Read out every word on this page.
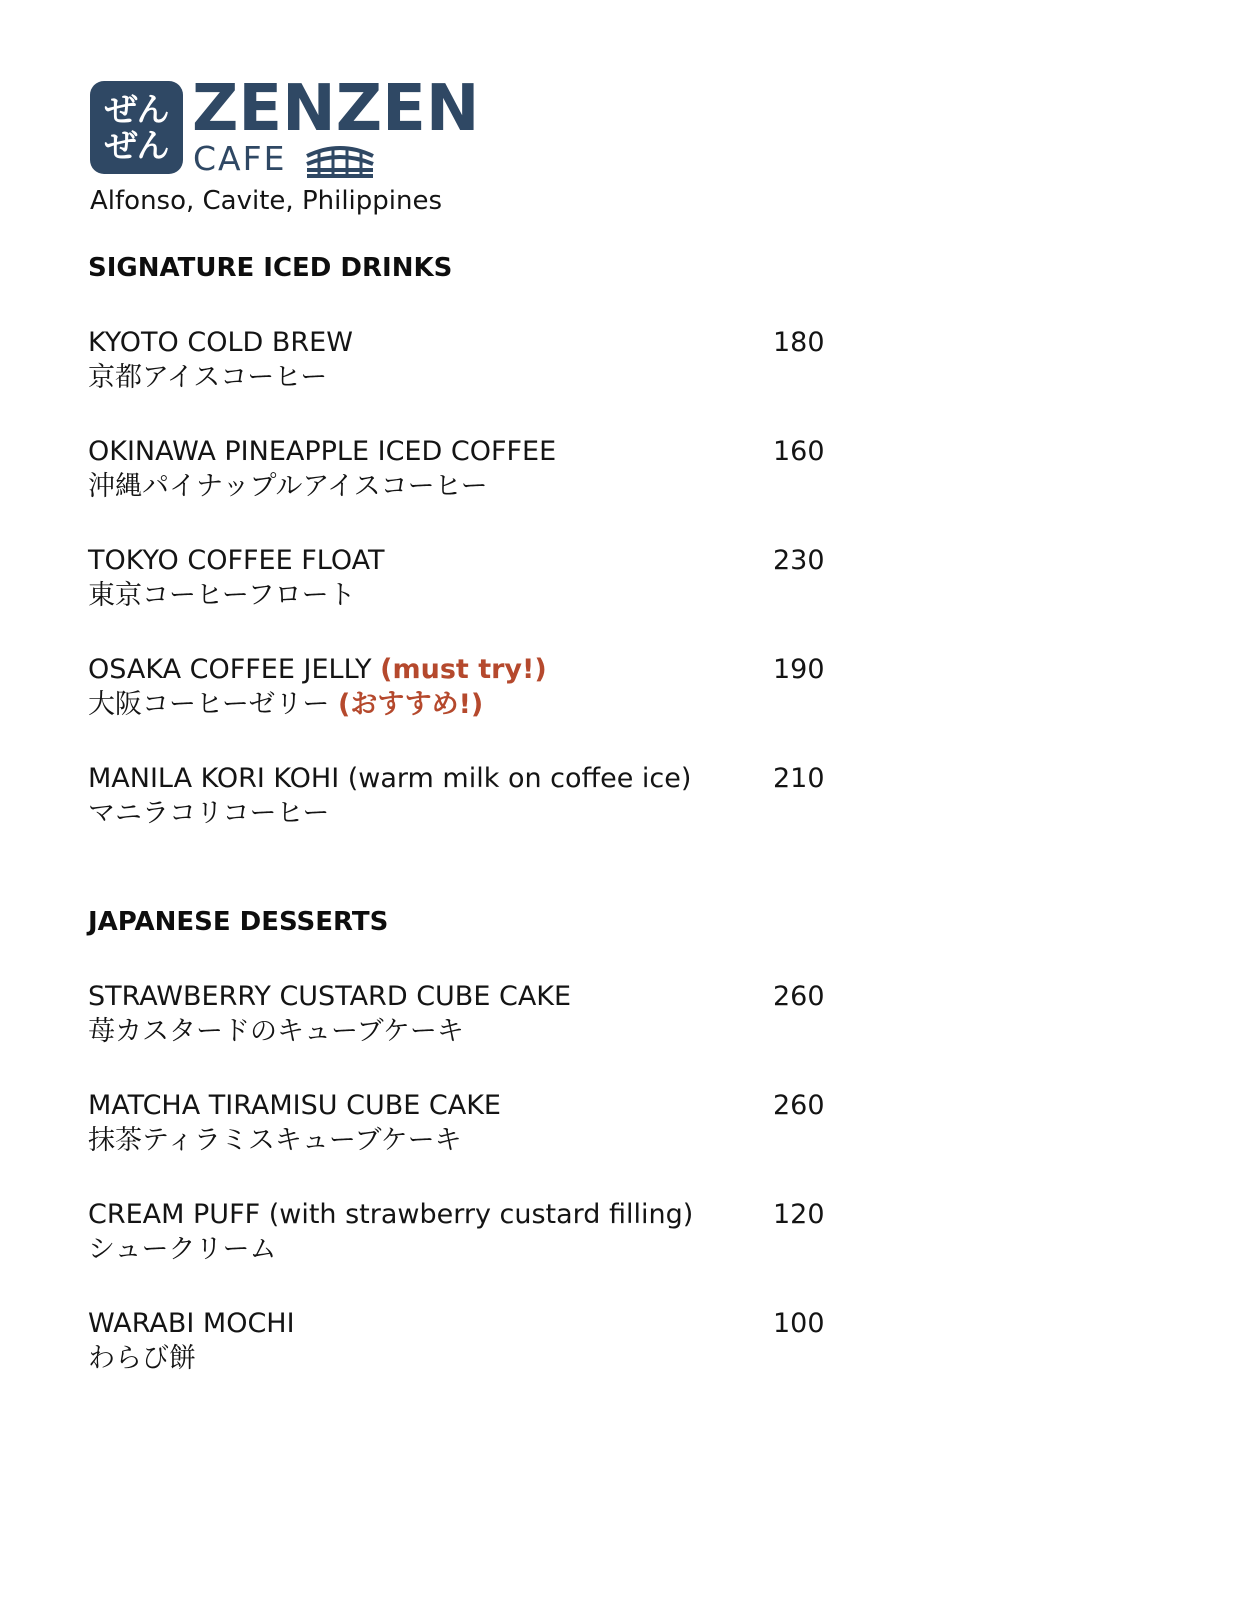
ぜん
ぜん ZENZEN
CAFE
Alfonso, Cavite, Philippines
SIGNATURE ICED DRINKS
KYOTO COLD BREW
京都アイスコーヒー
180
OKINAWA PINEAPPLE ICED COFFEE
沖縄パイナップルアイスコーヒー
160
TOKYO COFFEE FLOAT
東京コーヒーフロート
230
OSAKA COFFEE JELLY (must try!)
大阪コーヒーゼリー (おすすめ!)
190
MANILA KORI KOHI (warm milk on coffee ice)
マニラコリコーヒー
210
JAPANESE DESSERTS
STRAWBERRY CUSTARD CUBE CAKE
苺カスタードのキューブケーキ
260
MATCHA TIRAMISU CUBE CAKE
抹茶ティラミスキューブケーキ
260
CREAM PUFF (with strawberry custard filling)
シュークリーム
120
WARABI MOCHI
わらび餅
100
